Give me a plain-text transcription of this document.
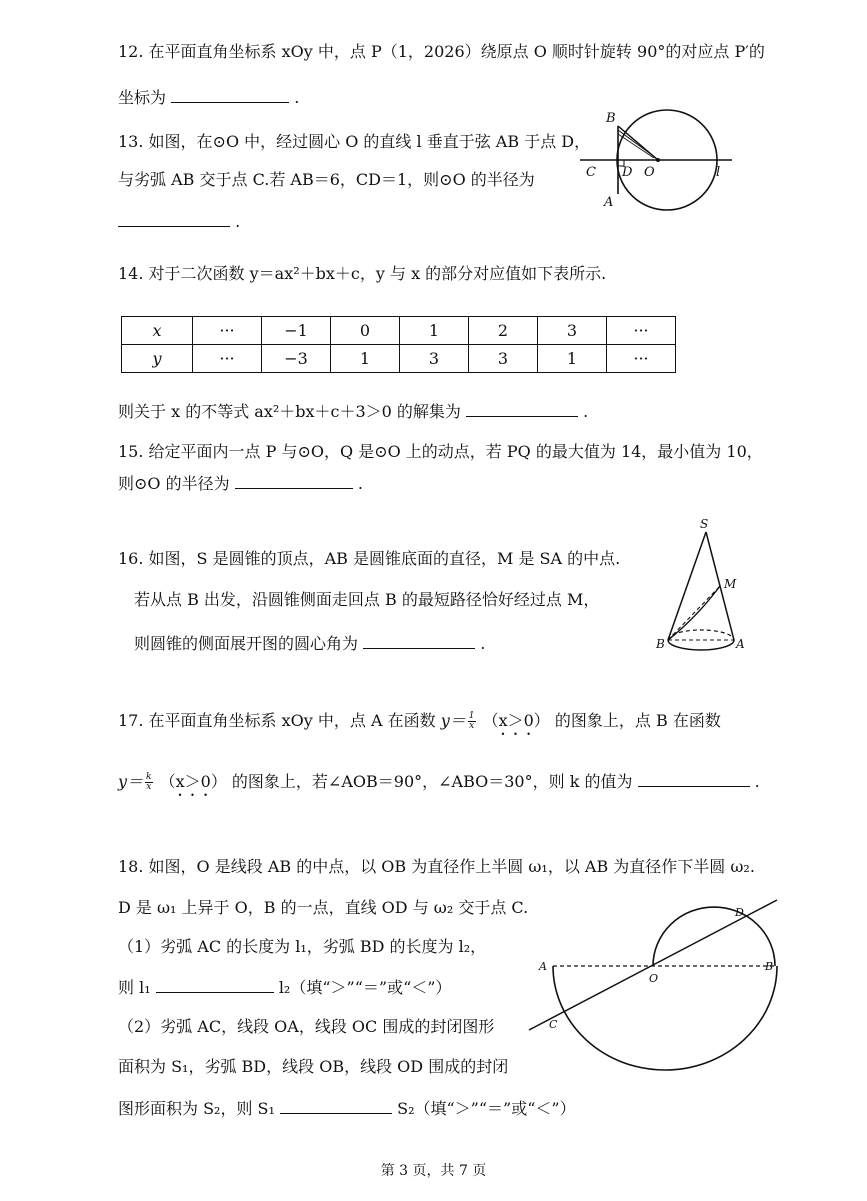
12. 在平面直角坐标系 xOy 中，点 P（1，2026）绕原点 O 顺时针旋转 90°的对应点 P′的
坐标为	.
13. 如图，在⊙O 中，经过圆心 O 的直线 l 垂直于弦 AB 于点 D，
与劣弧 AB 交于点 C.若 AB＝6，CD＝1，则⊙O 的半径为
.
B
C D O	l
A
14. 对于二次函数 y＝ax²＋bx＋c，y 与 x 的部分对应值如下表所示.
x	···	−1	0	1	2	3	···
y	···	−3	1	3	3	1	···
则关于 x 的不等式 ax²＋bx＋c＋3＞0 的解集为	.
15. 给定平面内一点 P 与⊙O，Q 是⊙O 上的动点，若 PQ 的最大值为 14，最小值为 10，
则⊙O 的半径为	.
16. 如图，S 是圆锥的顶点，AB 是圆锥底面的直径，M 是 SA 的中点.
若从点 B 出发，沿圆锥侧面走回点 B 的最短路径恰好经过点 M，
则圆锥的侧面展开图的圆心角为	.
S
M
B	A
17. 在平面直角坐标系 xOy 中，点 A 在函数 $y= \frac{1}{x} (x>0)$ 的图象上，点 B 在函数
$y= \frac{k}{x} (x>0)$ 的图象上，若∠AOB＝90°，∠ABO＝30°，则 k 的值为	.
18. 如图，O 是线段 AB 的中点，以 OB 为直径作上半圆 ω₁，以 AB 为直径作下半圆 ω₂.
D 是 ω₁ 上异于 O，B 的一点，直线 OD 与 ω₂ 交于点 C.
（1）劣弧 AC 的长度为 l₁，劣弧 BD 的长度为 l₂，
则 l₁	l₂（填“＞”“＝”或“＜”）
（2）劣弧 AC，线段 OA，线段 OC 围成的封闭图形
面积为 S₁，劣弧 BD，线段 OB，线段 OD 围成的封闭
图形面积为 S₂，则 S₁	S₂（填“＞”“＝”或“＜”）
A
O
B
C
D
第 3 页，共 7 页
